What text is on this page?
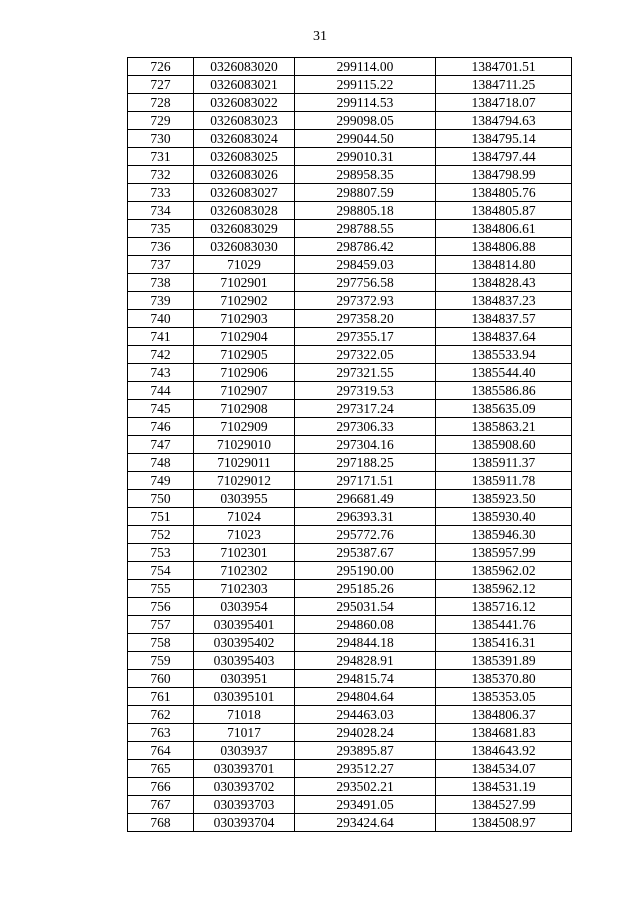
31
726	0326083020	299114.00	1384701.51
727	0326083021	299115.22	1384711.25
728	0326083022	299114.53	1384718.07
729	0326083023	299098.05	1384794.63
730	0326083024	299044.50	1384795.14
731	0326083025	299010.31	1384797.44
732	0326083026	298958.35	1384798.99
733	0326083027	298807.59	1384805.76
734	0326083028	298805.18	1384805.87
735	0326083029	298788.55	1384806.61
736	0326083030	298786.42	1384806.88
737	71029	298459.03	1384814.80
738	7102901	297756.58	1384828.43
739	7102902	297372.93	1384837.23
740	7102903	297358.20	1384837.57
741	7102904	297355.17	1384837.64
742	7102905	297322.05	1385533.94
743	7102906	297321.55	1385544.40
744	7102907	297319.53	1385586.86
745	7102908	297317.24	1385635.09
746	7102909	297306.33	1385863.21
747	71029010	297304.16	1385908.60
748	71029011	297188.25	1385911.37
749	71029012	297171.51	1385911.78
750	0303955	296681.49	1385923.50
751	71024	296393.31	1385930.40
752	71023	295772.76	1385946.30
753	7102301	295387.67	1385957.99
754	7102302	295190.00	1385962.02
755	7102303	295185.26	1385962.12
756	0303954	295031.54	1385716.12
757	030395401	294860.08	1385441.76
758	030395402	294844.18	1385416.31
759	030395403	294828.91	1385391.89
760	0303951	294815.74	1385370.80
761	030395101	294804.64	1385353.05
762	71018	294463.03	1384806.37
763	71017	294028.24	1384681.83
764	0303937	293895.87	1384643.92
765	030393701	293512.27	1384534.07
766	030393702	293502.21	1384531.19
767	030393703	293491.05	1384527.99
768	030393704	293424.64	1384508.97
